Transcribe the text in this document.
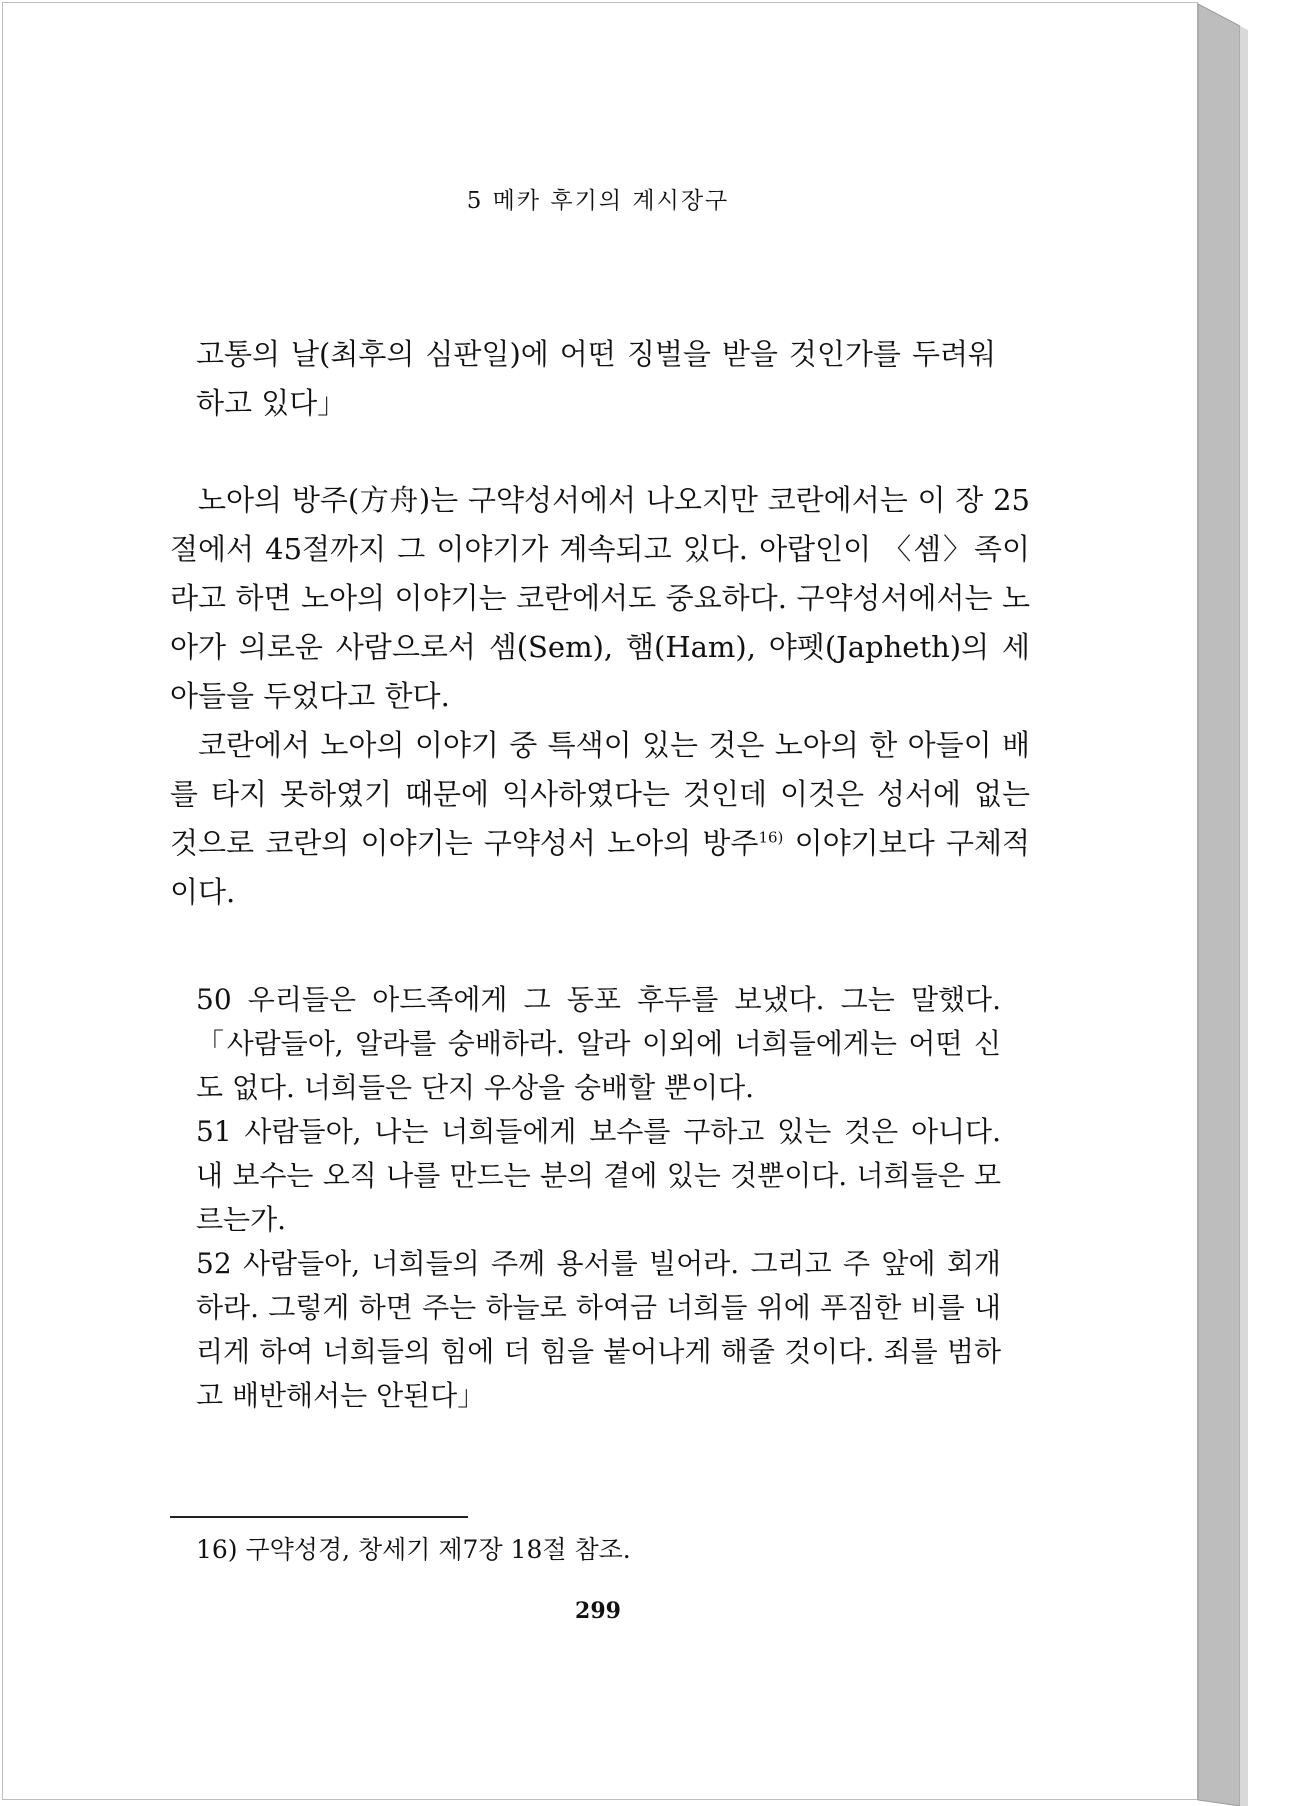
5 메카 후기의 계시장구

고통의 날(최후의 심판일)에 어떤 징벌을 받을 것인가를 두려워하고 있다」

노아의 방주(方舟)는 구약성서에서 나오지만 코란에서는 이 장 25절에서 45절까지 그 이야기가 계속되고 있다. 아랍인이 〈셈〉족이라고 하면 노아의 이야기는 코란에서도 중요하다. 구약성서에서는 노아가 의로운 사람으로서 셈(Sem), 햄(Ham), 야펫(Japheth)의 세 아들을 두었다고 한다.

코란에서 노아의 이야기 중 특색이 있는 것은 노아의 한 아들이 배를 타지 못하였기 때문에 익사하였다는 것인데 이것은 성서에 없는 것으로 코란의 이야기는 구약성서 노아의 방주$^{16)}$ 이야기보다 구체적이다.

50 우리들은 아드족에게 그 동포 후두를 보냈다. 그는 말했다. 「사람들아, 알라를 숭배하라. 알라 이외에 너희들에게는 어떤 신도 없다. 너희들은 단지 우상을 숭배할 뿐이다.

51 사람들아, 나는 너희들에게 보수를 구하고 있는 것은 아니다. 내 보수는 오직 나를 만드는 분의 곁에 있는 것뿐이다. 너희들은 모르는가.

52 사람들아, 너희들의 주께 용서를 빌어라. 그리고 주 앞에 회개하라. 그렇게 하면 주는 하늘로 하여금 너희들 위에 푸짐한 비를 내리게 하여 너희들의 힘에 더 힘을 붙어나게 해줄 것이다. 죄를 범하고 배반해서는 안된다」

16) 구약성경, 창세기 제7장 18절 참조.
299
